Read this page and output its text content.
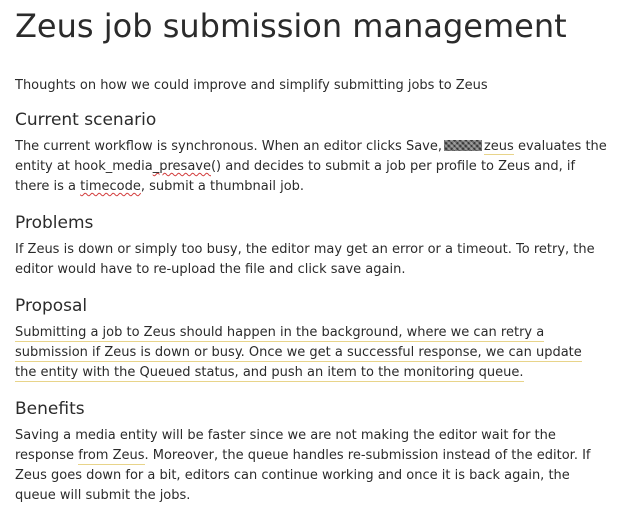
Zeus job submission management

Thoughts on how we could improve and simplify submitting jobs to Zeus

Current scenario

The current workflow is synchronous. When an editor clicks Save,	zeus evaluates the entity at hook_media_presave() and decides to submit a job per profile to Zeus and, if there is a timecode, submit a thumbnail job.

Problems

If Zeus is down or simply too busy, the editor may get an error or a timeout. To retry, the editor would have to re-upload the file and click save again.

Proposal

Submitting a job to Zeus should happen in the background, where we can retry a submission if Zeus is down or busy. Once we get a successful response, we can update the entity with the Queued status, and push an item to the monitoring queue.

Benefits

Saving a media entity will be faster since we are not making the editor wait for the response from Zeus. Moreover, the queue handles re-submission instead of the editor. If Zeus goes down for a bit, editors can continue working and once it is back again, the queue will submit the jobs.
